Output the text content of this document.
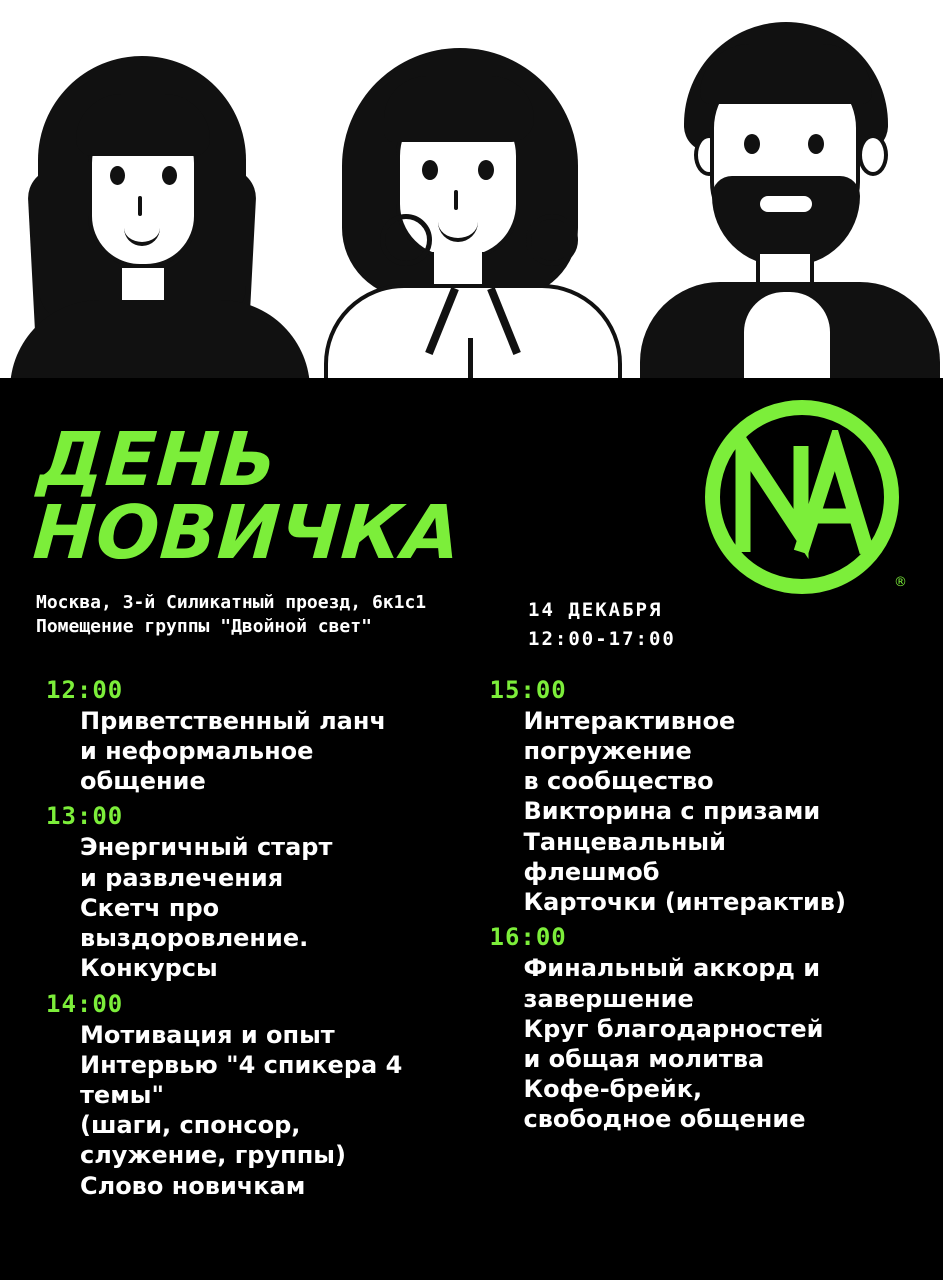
®
ДЕНЬ
НОВИЧКА
Москва, 3-й Силикатный проезд, 6к1с1
Помещение группы "Двойной свет"
14 ДЕКАБРЯ
12:00-17:00
12:00
Приветственный ланч
и неформальное
общение
13:00
Энергичный старт
и развлечения
Скетч про
выздоровление.
Конкурсы
14:00
Мотивация и опыт
Интервью "4 спикера 4
темы"
(шаги, спонсор,
служение, группы)
Слово новичкам
15:00
Интерактивное
погружение
в сообщество
Викторина с призами
Танцевальный
флешмоб
Карточки (интерактив)
16:00
Финальный аккорд и
завершение
Круг благодарностей
и общая молитва
Кофе-брейк,
свободное общение
